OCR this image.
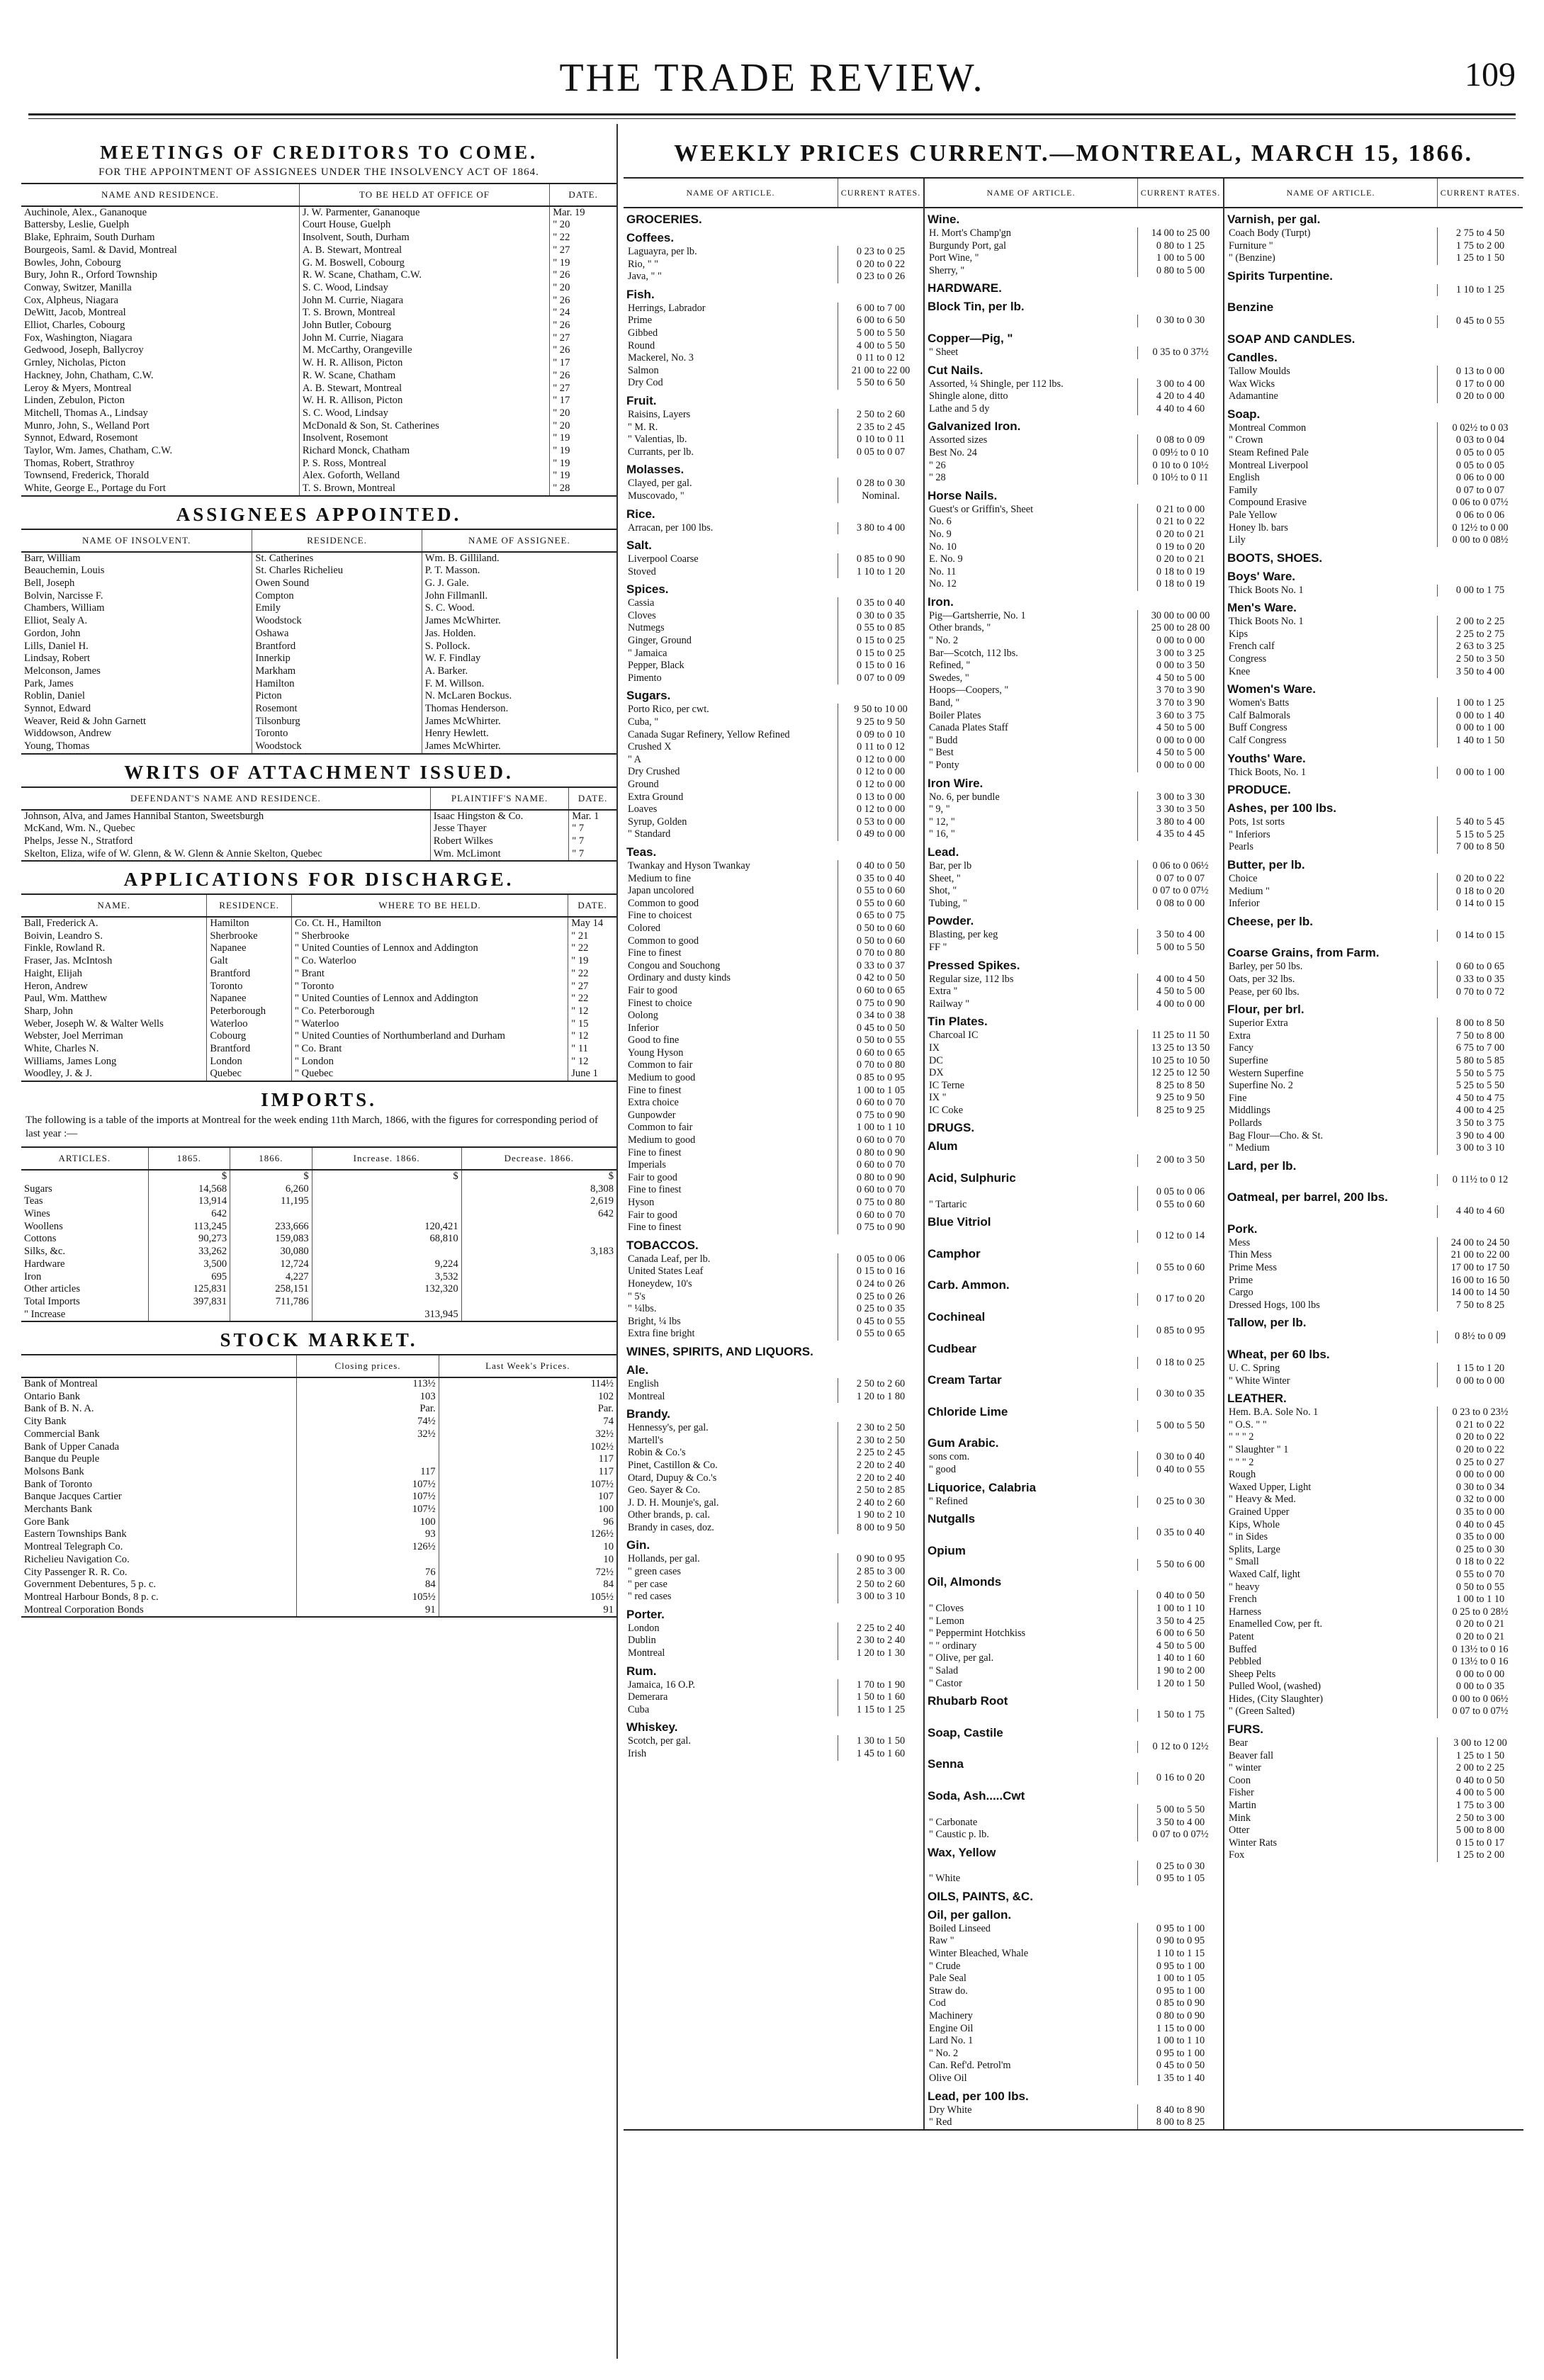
THE TRADE REVIEW.	109
MEETINGS OF CREDITORS TO COME.
FOR THE APPOINTMENT OF ASSIGNEES UNDER THE INSOLVENCY ACT OF 1864.
NAME AND RESIDENCE.	TO BE HELD AT OFFICE OF	DATE.
Auchinole, Alex., Gananoque	J. W. Parmenter, Gananoque	Mar. 19
Battersby, Leslie, Guelph	Court House, Guelph	" 20
Blake, Ephraim, South Durham	Insolvent, South, Durham	" 22
Bourgeois, Saml. & David, Montreal	A. B. Stewart, Montreal	" 27
Bowles, John, Cobourg	G. M. Boswell, Cobourg	" 19
Bury, John R., Orford Township	R. W. Scane, Chatham, C.W.	" 26
Conway, Switzer, Manilla	S. C. Wood, Lindsay	" 20
Cox, Alpheus, Niagara	John M. Currie, Niagara	" 26
DeWitt, Jacob, Montreal	T. S. Brown, Montreal	" 24
Elliot, Charles, Cobourg	John Butler, Cobourg	" 26
Fox, Washington, Niagara	John M. Currie, Niagara	" 27
Gedwood, Joseph, Ballycroy	M. McCarthy, Orangeville	" 26
Grnley, Nicholas, Picton	W. H. R. Allison, Picton	" 17
Hackney, John, Chatham, C.W.	R. W. Scane, Chatham	" 26
Leroy & Myers, Montreal	A. B. Stewart, Montreal	" 27
Linden, Zebulon, Picton	W. H. R. Allison, Picton	" 17
Mitchell, Thomas A., Lindsay	S. C. Wood, Lindsay	" 20
Munro, John, S., Welland Port	McDonald & Son, St. Catherines	" 20
Synnot, Edward, Rosemont	Insolvent, Rosemont	" 19
Taylor, Wm. James, Chatham, C.W.	Richard Monck, Chatham	" 19
Thomas, Robert, Strathroy	P. S. Ross, Montreal	" 19
Townsend, Frederick, Thorald	Alex. Goforth, Welland	" 19
White, George E., Portage du Fort	T. S. Brown, Montreal	" 28
ASSIGNEES APPOINTED.
NAME OF INSOLVENT.	RESIDENCE.	NAME OF ASSIGNEE.
Barr, William	St. Catherines	Wm. B. Gilliland.
Beauchemin, Louis	St. Charles Richelieu	P. T. Masson.
Bell, Joseph	Owen Sound	G. J. Gale.
Bolvin, Narcisse F.	Compton	John Fillmanll.
Chambers, William	Emily	S. C. Wood.
Elliot, Sealy A.	Woodstock	James McWhirter.
Gordon, John	Oshawa	Jas. Holden.
Lills, Daniel H.	Brantford	S. Pollock.
Lindsay, Robert	Innerkip	W. F. Findlay
Melconson, James	Markham	A. Barker.
Park, James	Hamilton	F. M. Willson.
Roblin, Daniel	Picton	N. McLaren Bockus.
Synnot, Edward	Rosemont	Thomas Henderson.
Weaver, Reid & John Garnett	Tilsonburg	James McWhirter.
Widdowson, Andrew	Toronto	Henry Hewlett.
Young, Thomas	Woodstock	James McWhirter.
WRITS OF ATTACHMENT ISSUED.
DEFENDANT'S NAME AND RESIDENCE.	PLAINTIFF'S NAME.	DATE.
Johnson, Alva, and James Hannibal Stanton, Sweetsburgh	Isaac Hingston & Co.	Mar. 1
McKand, Wm. N., Quebec	Jesse Thayer	" 7
Phelps, Jesse N., Stratford	Robert Wilkes	" 7
Skelton, Eliza, wife of W. Glenn, & W. Glenn & Annie Skelton, Quebec	Wm. McLimont	" 7
APPLICATIONS FOR DISCHARGE.
NAME.	RESIDENCE.	WHERE TO BE HELD.	DATE.
Ball, Frederick A.	Hamilton	Co. Ct. H., Hamilton	May 14
Boivin, Leandro S.	Sherbrooke	" Sherbrooke	" 21
Finkle, Rowland R.	Napanee	" United Counties of Lennox and Addington	" 22
Fraser, Jas. McIntosh	Galt	" Co. Waterloo	" 19
Haight, Elijah	Brantford	" Brant	" 22
Heron, Andrew	Toronto	" Toronto	" 27
Paul, Wm. Matthew	Napanee	" United Counties of Lennox and Addington	" 22
Sharp, John	Peterborough	" Co. Peterborough	" 12
Weber, Joseph W. & Walter Wells	Waterloo	" Waterloo	" 15
Webster, Joel Merriman	Cobourg	" United Counties of Northumberland and Durham	" 12
White, Charles N.	Brantford	" Co. Brant	" 11
Williams, James Long	London	" London	" 12
Woodley, J. & J.	Quebec	" Quebec	June 1
IMPORTS.
The following is a table of the imports at Montreal for the week ending 11th March, 1866, with the figures for corresponding period of last year :—
ARTICLES.	1865.	1866.	Increase. 1866.	Decrease. 1866.
	$	$	$	$
Sugars	14,568	6,260		8,308
Teas	13,914	11,195		2,619
Wines	642			642
Woollens	113,245	233,666	120,421	
Cottons	90,273	159,083	68,810	
Silks, &c.	33,262	30,080		3,183
Hardware	3,500	12,724	9,224	
Iron	695	4,227	3,532	
Other articles	125,831	258,151	132,320	
Total Imports	397,831	711,786		
" Increase			313,945	
STOCK MARKET.
	Closing prices.	Last Week's Prices.
Bank of Montreal	113½	114½
Ontario Bank	103	102
Bank of B. N. A.	Par.	Par.
City Bank	74½	74
Commercial Bank	32½	32½
Bank of Upper Canada		102½
Banque du Peuple		117
Molsons Bank	117	117
Bank of Toronto	107½	107½
Banque Jacques Cartier	107½	107
Merchants Bank	107½	100
Gore Bank	100	96
Eastern Townships Bank	93	126½
Montreal Telegraph Co.	126½	10
Richelieu Navigation Co.		10
City Passenger R. R. Co.	76	72½
Government Debentures, 5 p. c.	84	84
Montreal Harbour Bonds, 8 p. c.	105½	105½
Montreal Corporation Bonds	91	91
WEEKLY PRICES CURRENT.—MONTREAL, MARCH 15, 1866.
NAME OF ARTICLE.	CURRENT RATES.
GROCERIES.
Coffees.
Laguayra, per lb.	0 23 to 0 25
Rio, " "	0 20 to 0 22
Java, " "	0 23 to 0 26
Fish.
Herrings, Labrador	6 00 to 7 00
Prime	6 00 to 6 50
Gibbed	5 00 to 5 50
Round	4 00 to 5 50
Mackerel, No. 3	0 11 to 0 12
Salmon	21 00 to 22 00
Dry Cod	5 50 to 6 50
Fruit.
Raisins, Layers	2 50 to 2 60
" M. R.	2 35 to 2 45
" Valentias, lb.	0 10 to 0 11
Currants, per lb.	0 05 to 0 07
Molasses.
Clayed, per gal.	0 28 to 0 30
Muscovado, "	Nominal.
Rice.
Arracan, per 100 lbs.	3 80 to 4 00
Salt.
Liverpool Coarse	0 85 to 0 90
Stoved	1 10 to 1 20
Spices.
Cassia	0 35 to 0 40
Cloves	0 30 to 0 35
Nutmegs	0 55 to 0 85
Ginger, Ground	0 15 to 0 25
" Jamaica	0 15 to 0 25
Pepper, Black	0 15 to 0 16
Pimento	0 07 to 0 09
Sugars.
Porto Rico, per cwt.	9 50 to 10 00
Cuba, "	9 25 to 9 50
Canada Sugar Refinery, Yellow Refined	0 09 to 0 10
Crushed X	0 11 to 0 12
" A	0 12 to 0 00
Dry Crushed	0 12 to 0 00
Ground	0 12 to 0 00
Extra Ground	0 13 to 0 00
Loaves	0 12 to 0 00
Syrup, Golden	0 53 to 0 00
" Standard	0 49 to 0 00
Teas.
Twankay and Hyson Twankay	0 40 to 0 50
Medium to fine	0 35 to 0 40
Japan uncolored	0 55 to 0 60
Common to good	0 55 to 0 60
Fine to choicest	0 65 to 0 75
Colored	0 50 to 0 60
Common to good	0 50 to 0 60
Fine to finest	0 70 to 0 80
Congou and Souchong	0 33 to 0 37
Ordinary and dusty kinds	0 42 to 0 50
Fair to good	0 60 to 0 65
Finest to choice	0 75 to 0 90
Oolong	0 34 to 0 38
Inferior	0 45 to 0 50
Good to fine	0 50 to 0 55
Young Hyson	0 60 to 0 65
Common to fair	0 70 to 0 80
Medium to good	0 85 to 0 95
Fine to finest	1 00 to 1 05
Extra choice	0 60 to 0 70
Gunpowder	0 75 to 0 90
Common to fair	1 00 to 1 10
Medium to good	0 60 to 0 70
Fine to finest	0 80 to 0 90
Imperials	0 60 to 0 70
Fair to good	0 80 to 0 90
Fine to finest	0 60 to 0 70
Hyson	0 75 to 0 80
Fair to good	0 60 to 0 70
Fine to finest	0 75 to 0 90
TOBACCOS.
Canada Leaf, per lb.	0 05 to 0 06
United States Leaf	0 15 to 0 16
Honeydew, 10's	0 24 to 0 26
" 5's	0 25 to 0 26
" ¼lbs.	0 25 to 0 35
Bright, ¼ lbs	0 45 to 0 55
Extra fine bright	0 55 to 0 65
WINES, SPIRITS, AND LIQUORS.
Ale.
English	2 50 to 2 60
Montreal	1 20 to 1 80
Brandy.
Hennessy's, per gal.	2 30 to 2 50
Martell's	2 30 to 2 50
Robin & Co.'s	2 25 to 2 45
Pinet, Castillon & Co.	2 20 to 2 40
Otard, Dupuy & Co.'s	2 20 to 2 40
Geo. Sayer & Co.	2 50 to 2 85
J. D. H. Mounje's, gal.	2 40 to 2 60
Other brands, p. cal.	1 90 to 2 10
Brandy in cases, doz.	8 00 to 9 50
Gin.
Hollands, per gal.	0 90 to 0 95
" green cases	2 85 to 3 00
" per case	2 50 to 2 60
" red cases	3 00 to 3 10
Porter.
London	2 25 to 2 40
Dublin	2 30 to 2 40
Montreal	1 20 to 1 30
Rum.
Jamaica, 16 O.P.	1 70 to 1 90
Demerara	1 50 to 1 60
Cuba	1 15 to 1 25
Whiskey.
Scotch, per gal.	1 30 to 1 50
Irish	1 45 to 1 60
NAME OF ARTICLE.	CURRENT RATES.
Wine.
H. Mort's Champ'gn	14 00 to 25 00
Burgundy Port, gal	0 80 to 1 25
Port Wine, "	1 00 to 5 00
Sherry, "	0 80 to 5 00
HARDWARE.
Block Tin, per lb.
0 30 to 0 30
Copper—Pig, "
" Sheet	0 35 to 0 37½
Cut Nails.
Assorted, ¼ Shingle, per 112 lbs.	3 00 to 4 00
Shingle alone, ditto	4 20 to 4 40
Lathe and 5 dy	4 40 to 4 60
Galvanized Iron.
Assorted sizes	0 08 to 0 09
Best No. 24	0 09½ to 0 10
" 26	0 10 to 0 10½
" 28	0 10½ to 0 11
Horse Nails.
Guest's or Griffin's, Sheet	0 21 to 0 00
No. 6	0 21 to 0 22
No. 9	0 20 to 0 21
No. 10	0 19 to 0 20
E. No. 9	0 20 to 0 21
No. 11	0 18 to 0 19
No. 12	0 18 to 0 19
Iron.
Pig—Gartsherrie, No. 1	30 00 to 00 00
Other brands, "	25 00 to 28 00
" No. 2	0 00 to 0 00
Bar—Scotch, 112 lbs.	3 00 to 3 25
Refined, "	0 00 to 3 50
Swedes, "	4 50 to 5 00
Hoops—Coopers, "	3 70 to 3 90
Band, "	3 70 to 3 90
Boiler Plates	3 60 to 3 75
Canada Plates Staff	4 50 to 5 00
" Budd	0 00 to 0 00
" Best	4 50 to 5 00
" Ponty	0 00 to 0 00
Iron Wire.
No. 6, per bundle	3 00 to 3 30
" 9, "	3 30 to 3 50
" 12, "	3 80 to 4 00
" 16, "	4 35 to 4 45
Lead.
Bar, per lb	0 06 to 0 06½
Sheet, "	0 07 to 0 07
Shot, "	0 07 to 0 07½
Tubing, "	0 08 to 0 00
Powder.
Blasting, per keg	3 50 to 4 00
FF "	5 00 to 5 50
Pressed Spikes.
Regular size, 112 lbs	4 00 to 4 50
Extra "	4 50 to 5 00
Railway "	4 00 to 0 00
Tin Plates.
Charcoal IC	11 25 to 11 50
IX	13 25 to 13 50
DC	10 25 to 10 50
DX	12 25 to 12 50
IC Terne	8 25 to 8 50
IX "	9 25 to 9 50
IC Coke	8 25 to 9 25
DRUGS.
Alum
2 00 to 3 50
Acid, Sulphuric
0 05 to 0 06
" Tartaric	0 55 to 0 60
Blue Vitriol
0 12 to 0 14
Camphor
0 55 to 0 60
Carb. Ammon.
0 17 to 0 20
Cochineal
0 85 to 0 95
Cudbear
0 18 to 0 25
Cream Tartar
0 30 to 0 35
Chloride Lime
5 00 to 5 50
Gum Arabic.
sons com.	0 30 to 0 40
" good	0 40 to 0 55
Liquorice, Calabria
" Refined	0 25 to 0 30
Nutgalls
0 35 to 0 40
Opium
5 50 to 6 00
Oil, Almonds
0 40 to 0 50
" Cloves	1 00 to 1 10
" Lemon	3 50 to 4 25
" Peppermint Hotchkiss	6 00 to 6 50
" " ordinary	4 50 to 5 00
" Olive, per gal.	1 40 to 1 60
" Salad	1 90 to 2 00
" Castor	1 20 to 1 50
Rhubarb Root
1 50 to 1 75
Soap, Castile
0 12 to 0 12½
Senna
0 16 to 0 20
Soda, Ash.....Cwt
5 00 to 5 50
" Carbonate	3 50 to 4 00
" Caustic p. lb.	0 07 to 0 07½
Wax, Yellow
0 25 to 0 30
" White	0 95 to 1 05
OILS, PAINTS, &C.
Oil, per gallon.
Boiled Linseed	0 95 to 1 00
Raw "	0 90 to 0 95
Winter Bleached, Whale	1 10 to 1 15
" Crude	0 95 to 1 00
Pale Seal	1 00 to 1 05
Straw do.	0 95 to 1 00
Cod	0 85 to 0 90
Machinery	0 80 to 0 90
Engine Oil	1 15 to 0 00
Lard No. 1	1 00 to 1 10
" No. 2	0 95 to 1 00
Can. Ref'd. Petrol'm	0 45 to 0 50
Olive Oil	1 35 to 1 40
Lead, per 100 lbs.
Dry White	8 40 to 8 90
" Red	8 00 to 8 25
NAME OF ARTICLE.	CURRENT RATES.
Varnish, per gal.
Coach Body (Turpt)	2 75 to 4 50
Furniture "	1 75 to 2 00
" (Benzine)	1 25 to 1 50
Spirits Turpentine.
1 10 to 1 25
Benzine
0 45 to 0 55
SOAP AND CANDLES.
Candles.
Tallow Moulds	0 13 to 0 00
Wax Wicks	0 17 to 0 00
Adamantine	0 20 to 0 00
Soap.
Montreal Common	0 02½ to 0 03
" Crown	0 03 to 0 04
Steam Refined Pale	0 05 to 0 05
Montreal Liverpool	0 05 to 0 05
English	0 06 to 0 00
Family	0 07 to 0 07
Compound Erasive	0 06 to 0 07½
Pale Yellow	0 06 to 0 06
Honey lb. bars	0 12½ to 0 00
Lily	0 00 to 0 08½
BOOTS, SHOES.
Boys' Ware.
Thick Boots No. 1	0 00 to 1 75
Men's Ware.
Thick Boots No. 1	2 00 to 2 25
Kips	2 25 to 2 75
French calf	2 63 to 3 25
Congress	2 50 to 3 50
Knee	3 50 to 4 00
Women's Ware.
Women's Batts	1 00 to 1 25
Calf Balmorals	0 00 to 1 40
Buff Congress	0 00 to 1 00
Calf Congress	1 40 to 1 50
Youths' Ware.
Thick Boots, No. 1	0 00 to 1 00
PRODUCE.
Ashes, per 100 lbs.
Pots, 1st sorts	5 40 to 5 45
" Inferiors	5 15 to 5 25
Pearls	7 00 to 8 50
Butter, per lb.
Choice	0 20 to 0 22
Medium "	0 18 to 0 20
Inferior	0 14 to 0 15
Cheese, per lb.
0 14 to 0 15
Coarse Grains, from Farm.
Barley, per 50 lbs.	0 60 to 0 65
Oats, per 32 lbs.	0 33 to 0 35
Pease, per 60 lbs.	0 70 to 0 72
Flour, per brl.
Superior Extra	8 00 to 8 50
Extra	7 50 to 8 00
Fancy	6 75 to 7 00
Superfine	5 80 to 5 85
Western Superfine	5 50 to 5 75
Superfine No. 2	5 25 to 5 50
Fine	4 50 to 4 75
Middlings	4 00 to 4 25
Pollards	3 50 to 3 75
Bag Flour—Cho. & St.	3 90 to 4 00
" Medium	3 00 to 3 10
Lard, per lb.
0 11½ to 0 12
Oatmeal, per barrel, 200 lbs.
4 40 to 4 60
Pork.
Mess	24 00 to 24 50
Thin Mess	21 00 to 22 00
Prime Mess	17 00 to 17 50
Prime	16 00 to 16 50
Cargo	14 00 to 14 50
Dressed Hogs, 100 lbs	7 50 to 8 25
Tallow, per lb.
0 8½ to 0 09
Wheat, per 60 lbs.
U. C. Spring	1 15 to 1 20
" White Winter	0 00 to 0 00
LEATHER.
Hem. B.A. Sole No. 1	0 23 to 0 23½
" O.S. " "	0 21 to 0 22
" " " 2	0 20 to 0 22
" Slaughter " 1	0 20 to 0 22
" " " 2	0 25 to 0 27
Rough	0 00 to 0 00
Waxed Upper, Light	0 30 to 0 34
" Heavy & Med.	0 32 to 0 00
Grained Upper	0 35 to 0 00
Kips, Whole	0 40 to 0 45
" in Sides	0 35 to 0 00
Splits, Large	0 25 to 0 30
" Small	0 18 to 0 22
Waxed Calf, light	0 55 to 0 70
" heavy	0 50 to 0 55
French	1 00 to 1 10
Harness	0 25 to 0 28½
Enamelled Cow, per ft.	0 20 to 0 21
Patent	0 20 to 0 21
Buffed	0 13½ to 0 16
Pebbled	0 13½ to 0 16
Sheep Pelts	0 00 to 0 00
Pulled Wool, (washed)	0 00 to 0 35
Hides, (City Slaughter)	0 00 to 0 06½
" (Green Salted)	0 07 to 0 07½
FURS.
Bear	3 00 to 12 00
Beaver fall	1 25 to 1 50
" winter	2 00 to 2 25
Coon	0 40 to 0 50
Fisher	4 00 to 5 00
Martin	1 75 to 3 00
Mink	2 50 to 3 00
Otter	5 00 to 8 00
Winter Rats	0 15 to 0 17
Fox	1 25 to 2 00
